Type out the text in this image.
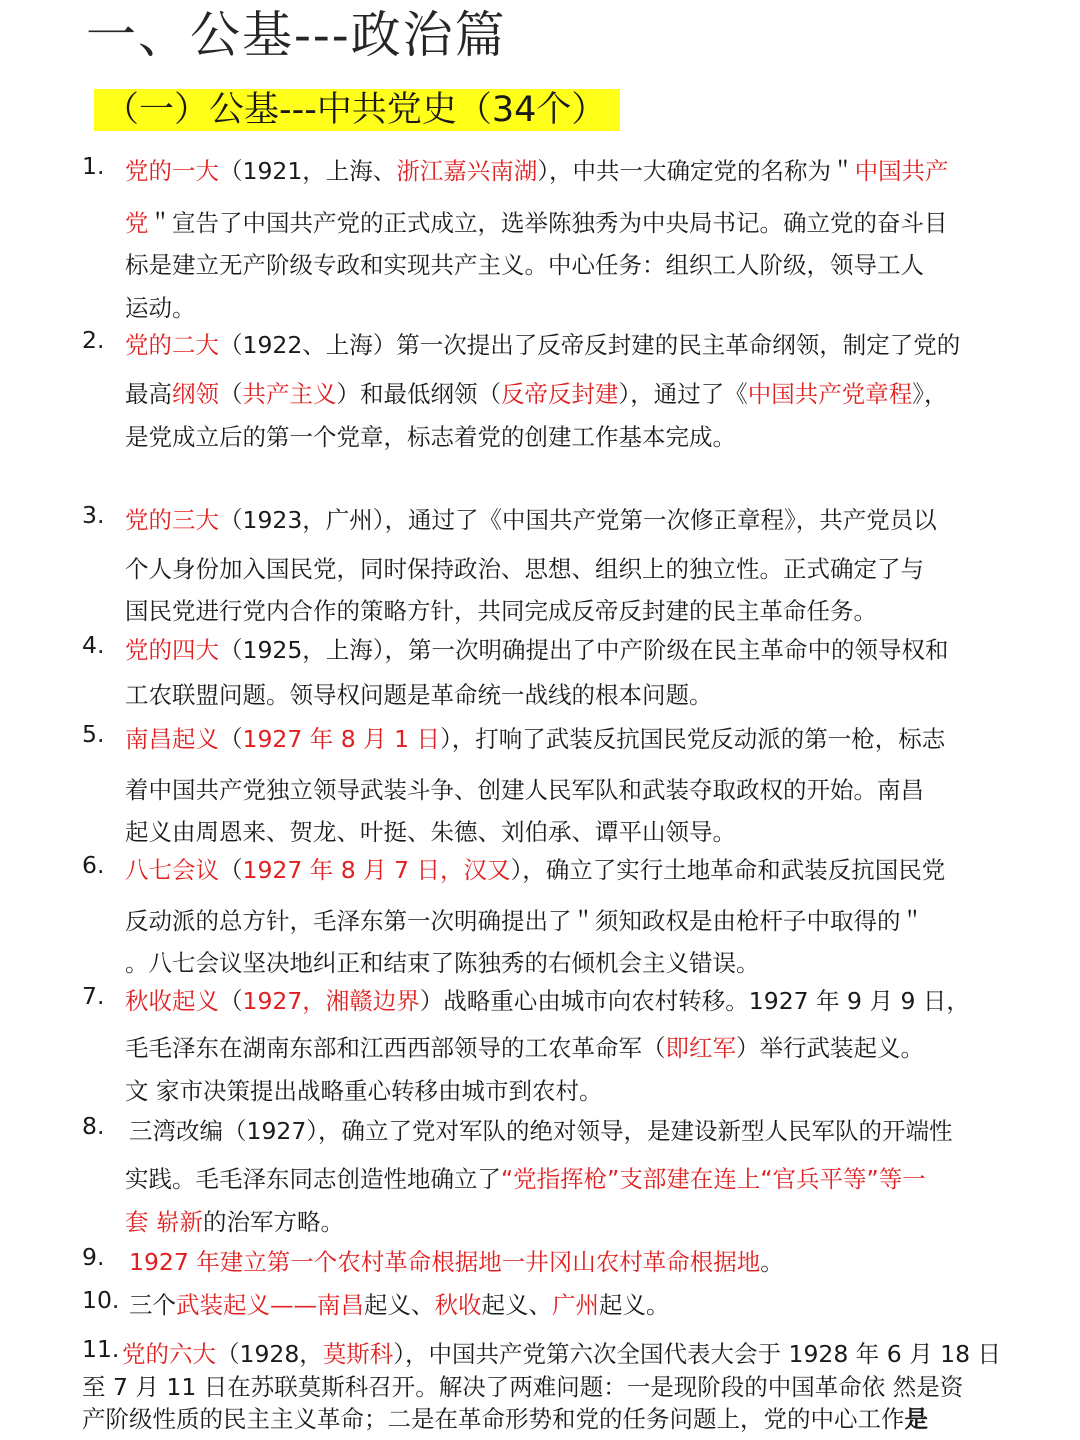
一、公基---政治篇
（一）公基---中共党史（34个）
1. 党的一大（1921，上海、浙江嘉兴南湖），中共一大确定党的名称为＂中国共产
党＂宣告了中国共产党的正式成立，选举陈独秀为中央局书记。确立党的奋斗目
标是建立无产阶级专政和实现共产主义。中心任务：组织工人阶级，领导工人
运动。
2. 党的二大（1922、上海）第一次提出了反帝反封建的民主革命纲领，制定了党的
最高纲领（共产主义）和最低纲领（反帝反封建），通过了《中国共产党章程》，
是党成立后的第一个党章，标志着党的创建工作基本完成。
3. 党的三大（1923，广州），通过了《中国共产党第一次修正章程》，共产党员以
个人身份加入国民党，同时保持政治、思想、组织上的独立性。正式确定了与
国民党进行党内合作的策略方针，共同完成反帝反封建的民主革命任务。
4. 党的四大（1925，上海），第一次明确提出了中产阶级在民主革命中的领导权和
工农联盟问题。领导权问题是革命统一战线的根本问题。
5. 南昌起义（1927 年 8 月 1 日），打响了武装反抗国民党反动派的第一枪，标志
着中国共产党独立领导武装斗争、创建人民军队和武装夺取政权的开始。南昌
起义由周恩来、贺龙、叶挺、朱德、刘伯承、谭平山领导。
6. 八七会议（1927 年 8 月 7 日，汉又），确立了实行土地革命和武装反抗国民党
反动派的总方针，毛泽东第一次明确提出了＂须知政权是由枪杆子中取得的＂
。八七会议坚决地纠正和结束了陈独秀的右倾机会主义错误。
7. 秋收起义（1927，湘赣边界）战略重心由城市向农村转移。1927 年 9 月 9 日，
毛毛泽东在湖南东部和江西西部领导的工农革命军（即红军）举行武装起义。
文 家市决策提出战略重心转移由城市到农村。
8. 三湾改编（1927），确立了党对军队的绝对领导，是建设新型人民军队的开端性
实践。毛毛泽东同志创造性地确立了“党指挥枪”支部建在连上“官兵平等”等一
套 崭新的治军方略。
9. 1927 年建立第一个农村革命根据地一井冈山农村革命根据地。
10. 三个武装起义——南昌起义、秋收起义、广州起义。
11. 党的六大（1928，莫斯科），中国共产党第六次全国代表大会于 1928 年 6 月 18 日
至 7 月 11 日在苏联莫斯科召开。解决了两难问题：一是现阶段的中国革命依 然是资
产阶级性质的民主主义革命；二是在革命形势和党的任务问题上，党的中心工作是
